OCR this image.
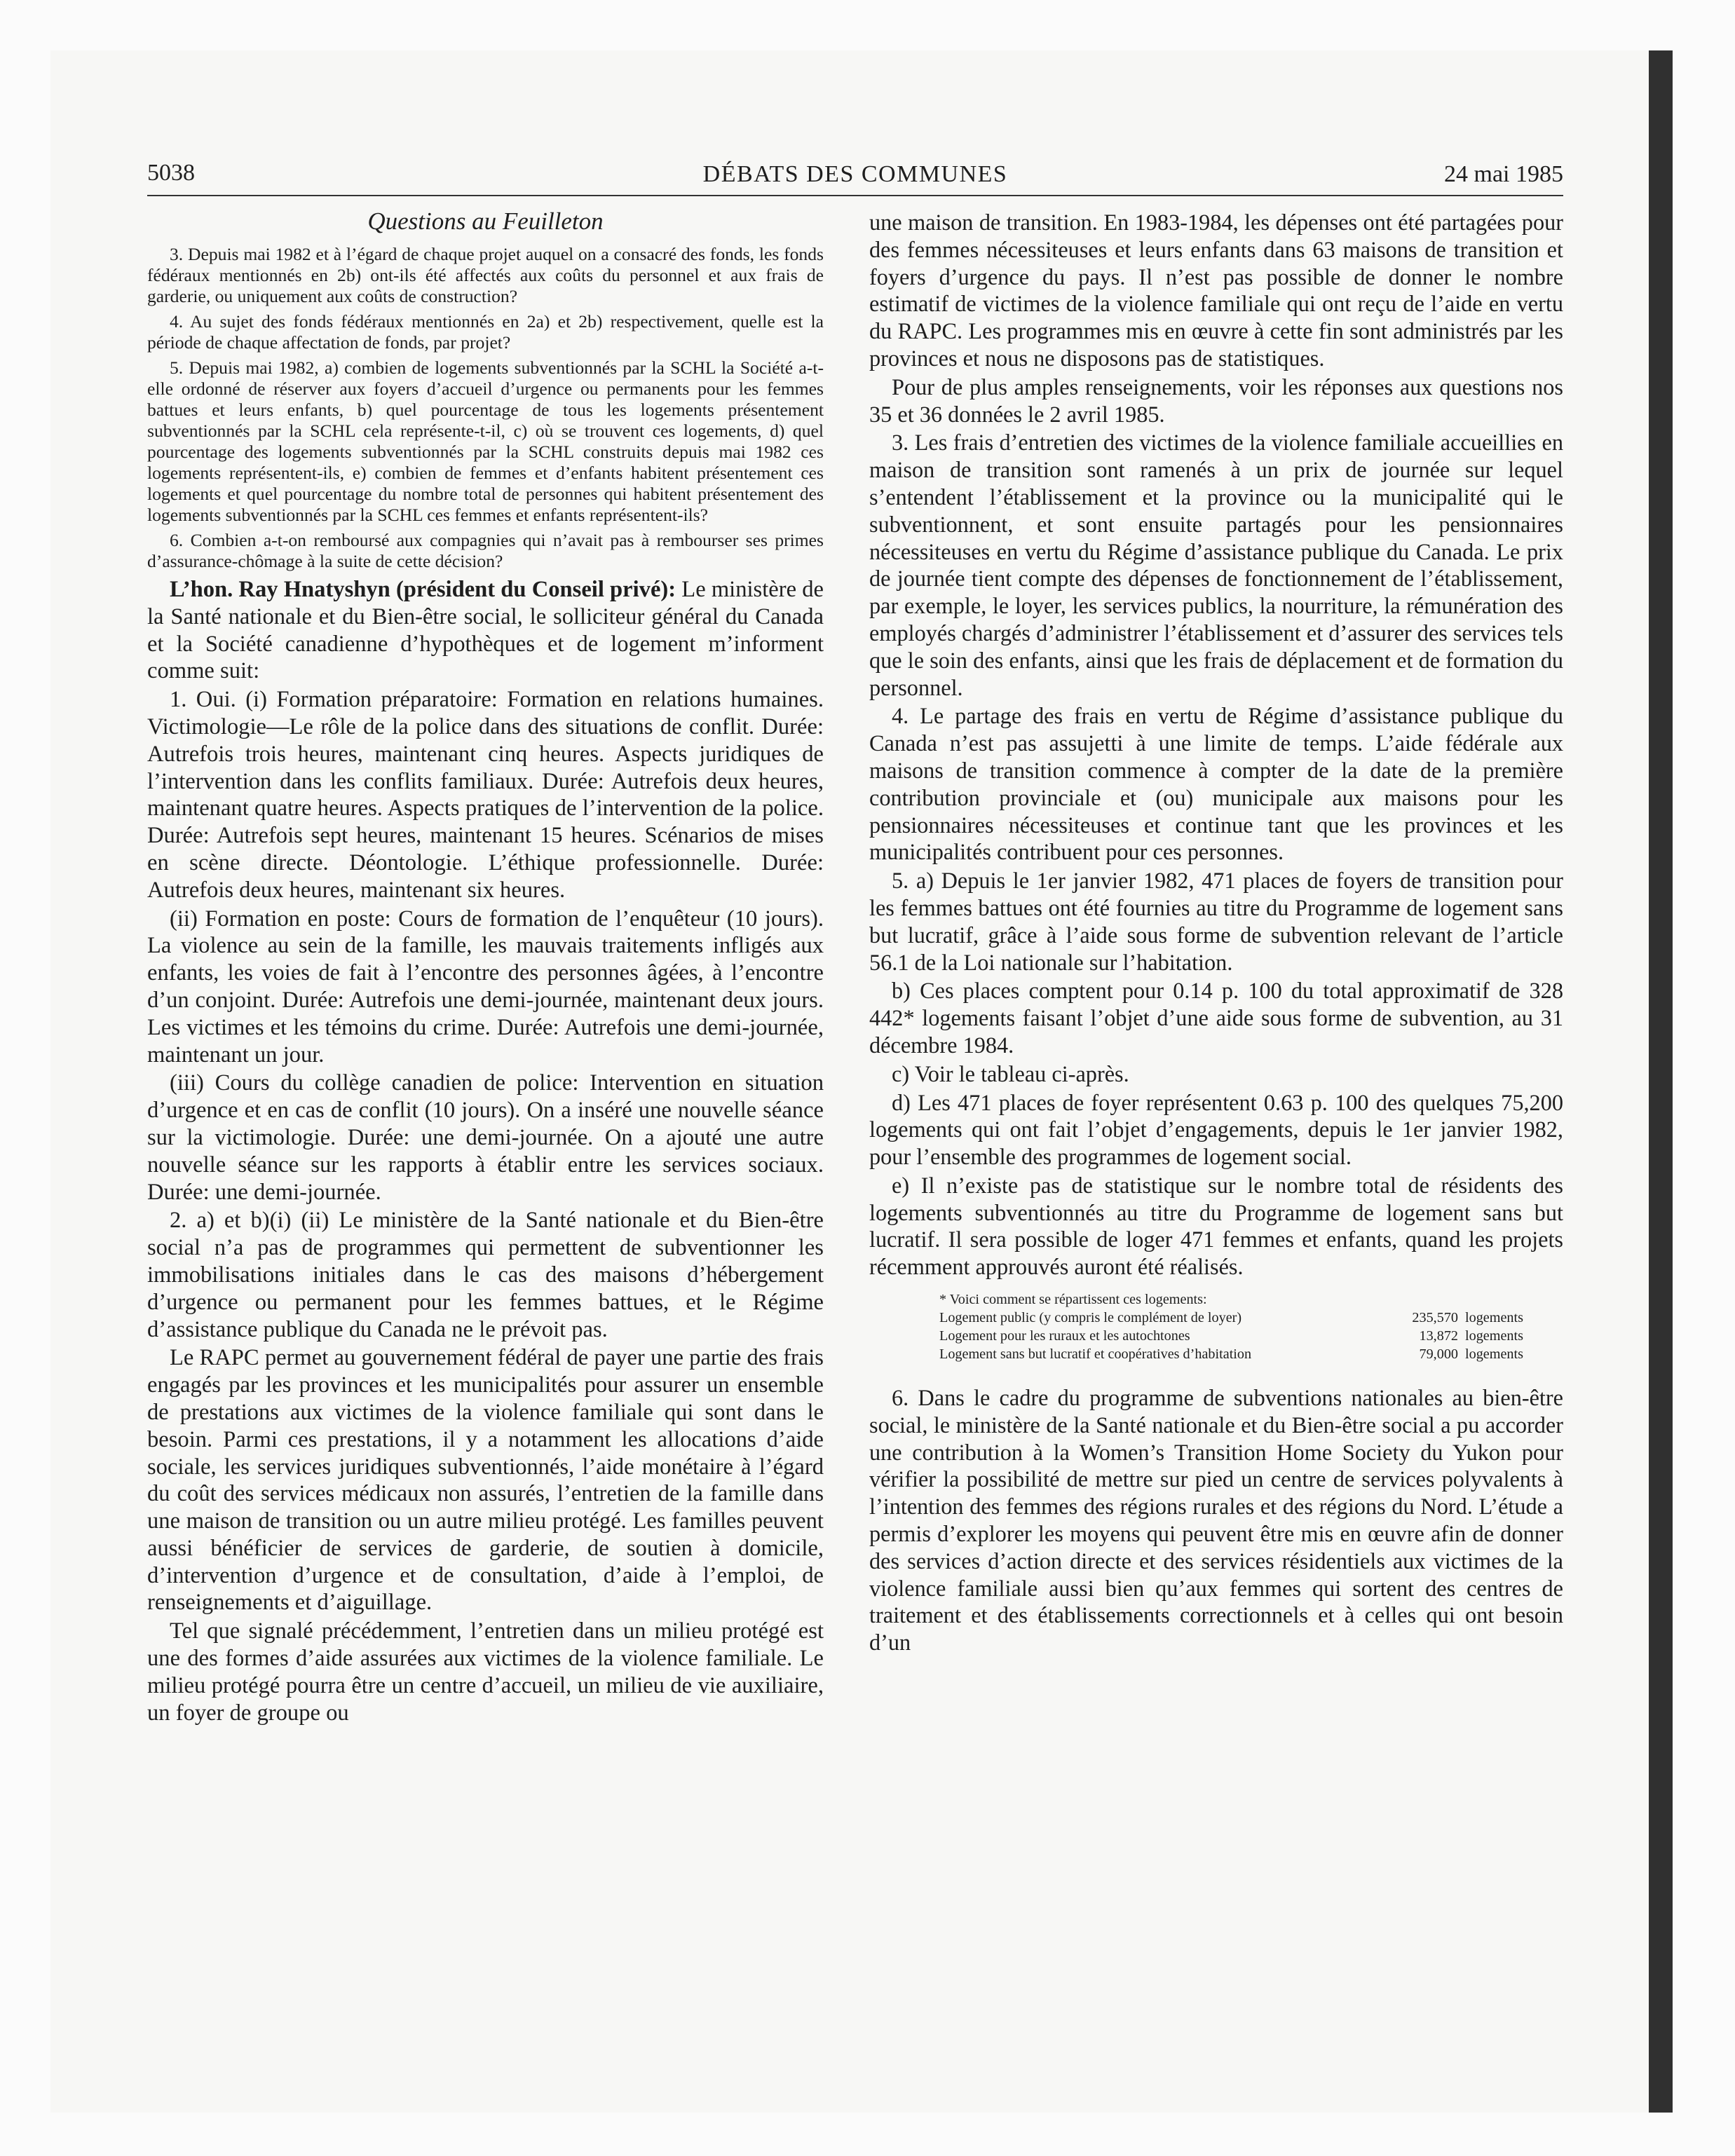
5038	DÉBATS DES COMMUNES	24 mai 1985

Questions au Feuilleton

3. Depuis mai 1982 et à l’égard de chaque projet auquel on a consacré des fonds, les fonds fédéraux mentionnés en 2b) ont-ils été affectés aux coûts du personnel et aux frais de garderie, ou uniquement aux coûts de construction?

4. Au sujet des fonds fédéraux mentionnés en 2a) et 2b) respectivement, quelle est la période de chaque affectation de fonds, par projet?

5. Depuis mai 1982, a) combien de logements subventionnés par la SCHL la Société a-t-elle ordonné de réserver aux foyers d’accueil d’urgence ou permanents pour les femmes battues et leurs enfants, b) quel pourcentage de tous les logements présentement subventionnés par la SCHL cela représente-t-il, c) où se trouvent ces logements, d) quel pourcentage des logements subventionnés par la SCHL construits depuis mai 1982 ces logements représentent-ils, e) combien de femmes et d’enfants habitent présentement ces logements et quel pourcentage du nombre total de personnes qui habitent présentement des logements subventionnés par la SCHL ces femmes et enfants représentent-ils?

6. Combien a-t-on remboursé aux compagnies qui n’avait pas à rembourser ses primes d’assurance-chômage à la suite de cette décision?

L’hon. Ray Hnatyshyn (président du Conseil privé): Le ministère de la Santé nationale et du Bien-être social, le solliciteur général du Canada et la Société canadienne d’hypothèques et de logement m’informent comme suit:

1. Oui. (i) Formation préparatoire: Formation en relations humaines. Victimologie—Le rôle de la police dans des situations de conflit. Durée: Autrefois trois heures, maintenant cinq heures. Aspects juridiques de l’intervention dans les conflits familiaux. Durée: Autrefois deux heures, maintenant quatre heures. Aspects pratiques de l’intervention de la police. Durée: Autrefois sept heures, maintenant 15 heures. Scénarios de mises en scène directe. Déontologie. L’éthique professionnelle. Durée: Autrefois deux heures, maintenant six heures.

(ii) Formation en poste: Cours de formation de l’enquêteur (10 jours). La violence au sein de la famille, les mauvais traitements infligés aux enfants, les voies de fait à l’encontre des personnes âgées, à l’encontre d’un conjoint. Durée: Autrefois une demi-journée, maintenant deux jours. Les victimes et les témoins du crime. Durée: Autrefois une demi-journée, maintenant un jour.

(iii) Cours du collège canadien de police: Intervention en situation d’urgence et en cas de conflit (10 jours). On a inséré une nouvelle séance sur la victimologie. Durée: une demi-journée. On a ajouté une autre nouvelle séance sur les rapports à établir entre les services sociaux. Durée: une demi-journée.

2. a) et b)(i) (ii) Le ministère de la Santé nationale et du Bien-être social n’a pas de programmes qui permettent de subventionner les immobilisations initiales dans le cas des maisons d’hébergement d’urgence ou permanent pour les femmes battues, et le Régime d’assistance publique du Canada ne le prévoit pas.

Le RAPC permet au gouvernement fédéral de payer une partie des frais engagés par les provinces et les municipalités pour assurer un ensemble de prestations aux victimes de la violence familiale qui sont dans le besoin. Parmi ces prestations, il y a notamment les allocations d’aide sociale, les services juridiques subventionnés, l’aide monétaire à l’égard du coût des services médicaux non assurés, l’entretien de la famille dans une maison de transition ou un autre milieu protégé. Les familles peuvent aussi bénéficier de services de garderie, de soutien à domicile, d’intervention d’urgence et de consultation, d’aide à l’emploi, de renseignements et d’aiguillage.

Tel que signalé précédemment, l’entretien dans un milieu protégé est une des formes d’aide assurées aux victimes de la violence familiale. Le milieu protégé pourra être un centre d’accueil, un milieu de vie auxiliaire, un foyer de groupe ou

une maison de transition. En 1983-1984, les dépenses ont été partagées pour des femmes nécessiteuses et leurs enfants dans 63 maisons de transition et foyers d’urgence du pays. Il n’est pas possible de donner le nombre estimatif de victimes de la violence familiale qui ont reçu de l’aide en vertu du RAPC. Les programmes mis en œuvre à cette fin sont administrés par les provinces et nous ne disposons pas de statistiques.

Pour de plus amples renseignements, voir les réponses aux questions nos 35 et 36 données le 2 avril 1985.

3. Les frais d’entretien des victimes de la violence familiale accueillies en maison de transition sont ramenés à un prix de journée sur lequel s’entendent l’établissement et la province ou la municipalité qui le subventionnent, et sont ensuite partagés pour les pensionnaires nécessiteuses en vertu du Régime d’assistance publique du Canada. Le prix de journée tient compte des dépenses de fonctionnement de l’établissement, par exemple, le loyer, les services publics, la nourriture, la rémunération des employés chargés d’administrer l’établissement et d’assurer des services tels que le soin des enfants, ainsi que les frais de déplacement et de formation du personnel.

4. Le partage des frais en vertu de Régime d’assistance publique du Canada n’est pas assujetti à une limite de temps. L’aide fédérale aux maisons de transition commence à compter de la date de la première contribution provinciale et (ou) municipale aux maisons pour les pensionnaires nécessiteuses et continue tant que les provinces et les municipalités contribuent pour ces personnes.

5. a) Depuis le 1er janvier 1982, 471 places de foyers de transition pour les femmes battues ont été fournies au titre du Programme de logement sans but lucratif, grâce à l’aide sous forme de subvention relevant de l’article 56.1 de la Loi nationale sur l’habitation.

b) Ces places comptent pour 0.14 p. 100 du total approximatif de 328 442* logements faisant l’objet d’une aide sous forme de subvention, au 31 décembre 1984.

c) Voir le tableau ci-après.

d) Les 471 places de foyer représentent 0.63 p. 100 des quelques 75,200 logements qui ont fait l’objet d’engagements, depuis le 1er janvier 1982, pour l’ensemble des programmes de logement social.

e) Il n’existe pas de statistique sur le nombre total de résidents des logements subventionnés au titre du Programme de logement sans but lucratif. Il sera possible de loger 471 femmes et enfants, quand les projets récemment approuvés auront été réalisés.

* Voici comment se répartissent ces logements:
Logement public (y compris le complément de loyer)	235,570	logements
Logement pour les ruraux et les autochtones	13,872	logements
Logement sans but lucratif et coopératives d’habitation	79,000	logements

6. Dans le cadre du programme de subventions nationales au bien-être social, le ministère de la Santé nationale et du Bien-être social a pu accorder une contribution à la Women’s Transition Home Society du Yukon pour vérifier la possibilité de mettre sur pied un centre de services polyvalents à l’intention des femmes des régions rurales et des régions du Nord. L’étude a permis d’explorer les moyens qui peuvent être mis en œuvre afin de donner des services d’action directe et des services résidentiels aux victimes de la violence familiale aussi bien qu’aux femmes qui sortent des centres de traitement et des établissements correctionnels et à celles qui ont besoin d’un
